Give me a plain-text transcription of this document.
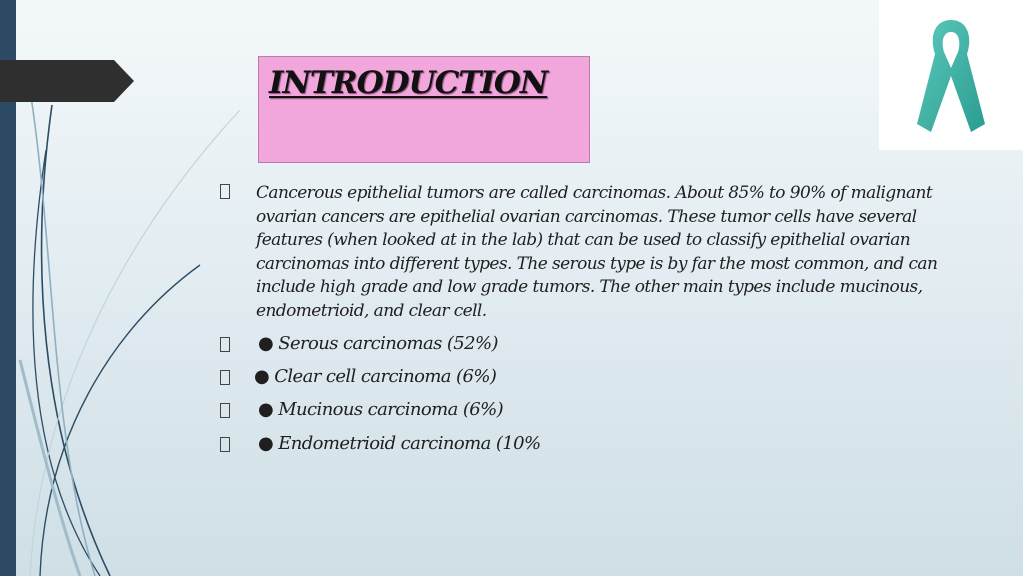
INTRODUCTION
Cancerous epithelial tumors are called carcinomas. About 85% to 90% of malignant ovarian cancers are epithelial ovarian carcinomas. These tumor cells have several features (when looked at in the lab) that can be used to classify epithelial ovarian carcinomas into different types. The serous type is by far the most common, and can include high grade and low grade tumors. The other main types include mucinous, endometrioid, and clear cell.
● Serous carcinomas (52%)
● Clear cell carcinoma (6%)
● Mucinous carcinoma (6%)
● Endometrioid carcinoma (10%
